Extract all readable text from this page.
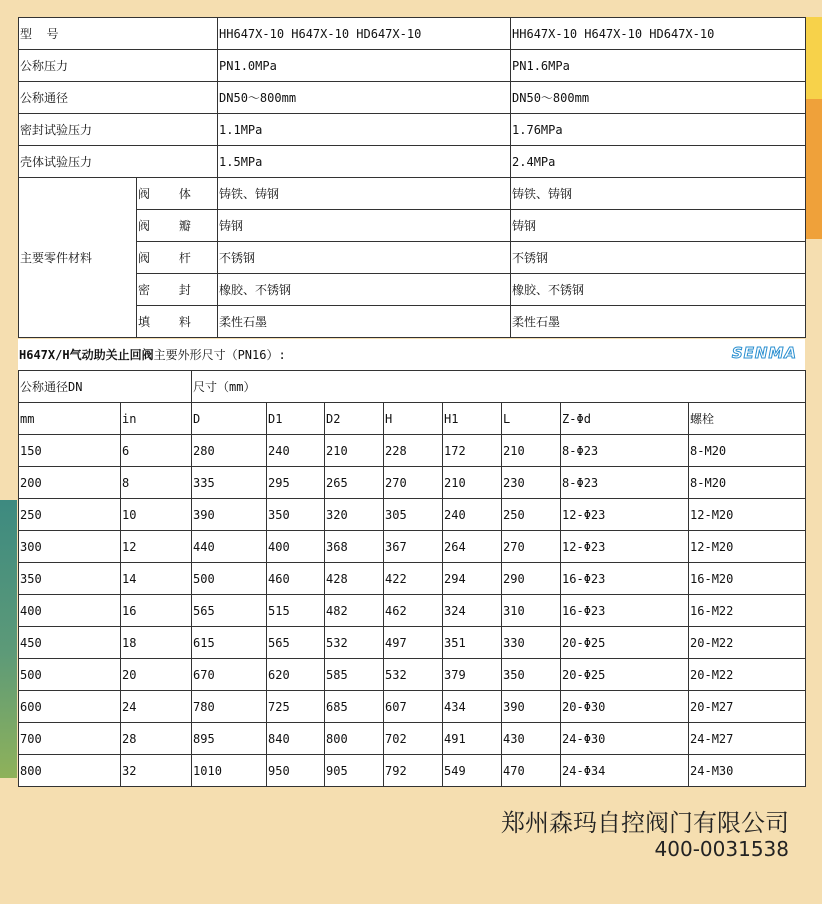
型  号		HH647X-10 H647X-10 HD647X-10	HH647X-10 H647X-10 HD647X-10
公称压力		PN1.0MPa	PN1.6MPa
公称通径		DN50～800mm	DN50～800mm
密封试验压力		1.1MPa	1.76MPa
壳体试验压力		1.5MPa	2.4MPa
主要零件材料	阀    体	铸铁、铸钢	铸铁、铸钢
	阀    瓣	铸钢	铸钢
	阀    杆	不锈钢	不锈钢
	密    封	橡胶、不锈钢	橡胶、不锈钢
	填    料	柔性石墨	柔性石墨
H647X/H气动助关止回阀主要外形尺寸（PN16）:	SENMA
公称通径DN		尺寸（mm）							
mm	in	D	D1	D2	H	H1	L	Z-Φd	螺栓
150	6	280	240	210	228	172	210	8-Φ23	8-M20
200	8	335	295	265	270	210	230	8-Φ23	8-M20
250	10	390	350	320	305	240	250	12-Φ23	12-M20
300	12	440	400	368	367	264	270	12-Φ23	12-M20
350	14	500	460	428	422	294	290	16-Φ23	16-M20
400	16	565	515	482	462	324	310	16-Φ23	16-M22
450	18	615	565	532	497	351	330	20-Φ25	20-M22
500	20	670	620	585	532	379	350	20-Φ25	20-M22
600	24	780	725	685	607	434	390	20-Φ30	20-M27
700	28	895	840	800	702	491	430	24-Φ30	24-M27
800	32	1010	950	905	792	549	470	24-Φ34	24-M30
郑州森玛自控阀门有限公司
400-0031538
